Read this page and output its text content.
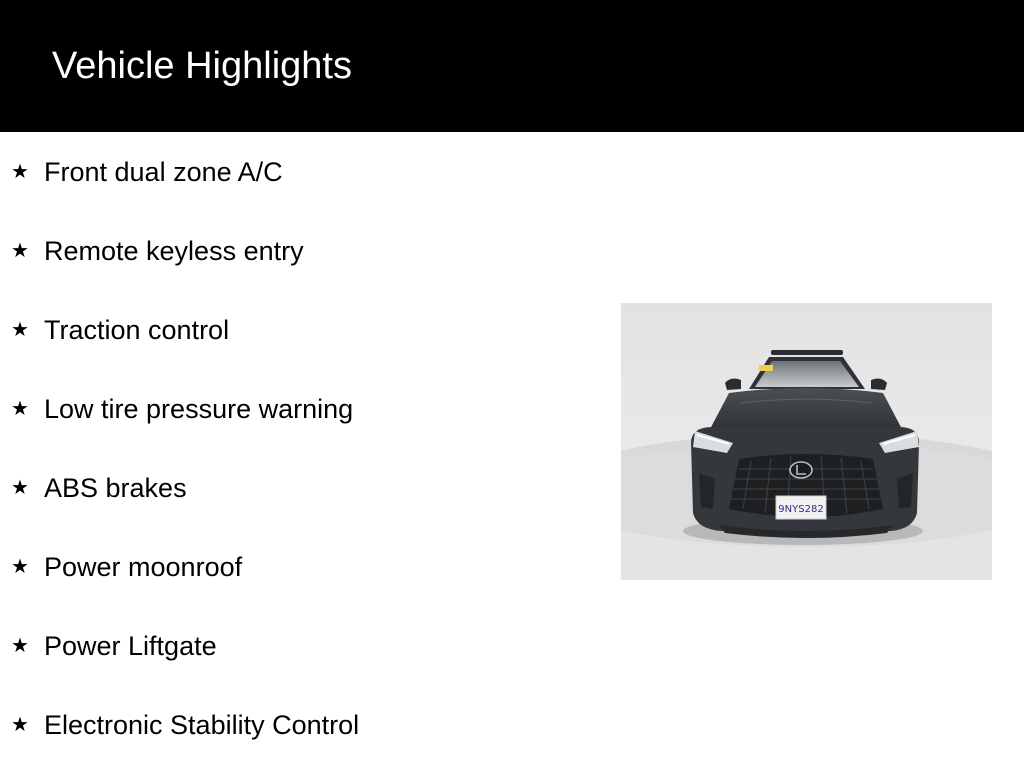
Vehicle Highlights
★ Front dual zone A/C
★ Remote keyless entry
★ Traction control
★ Low tire pressure warning
★ ABS brakes
★ Power moonroof
★ Power Liftgate
★ Electronic Stability Control
9NYS282
